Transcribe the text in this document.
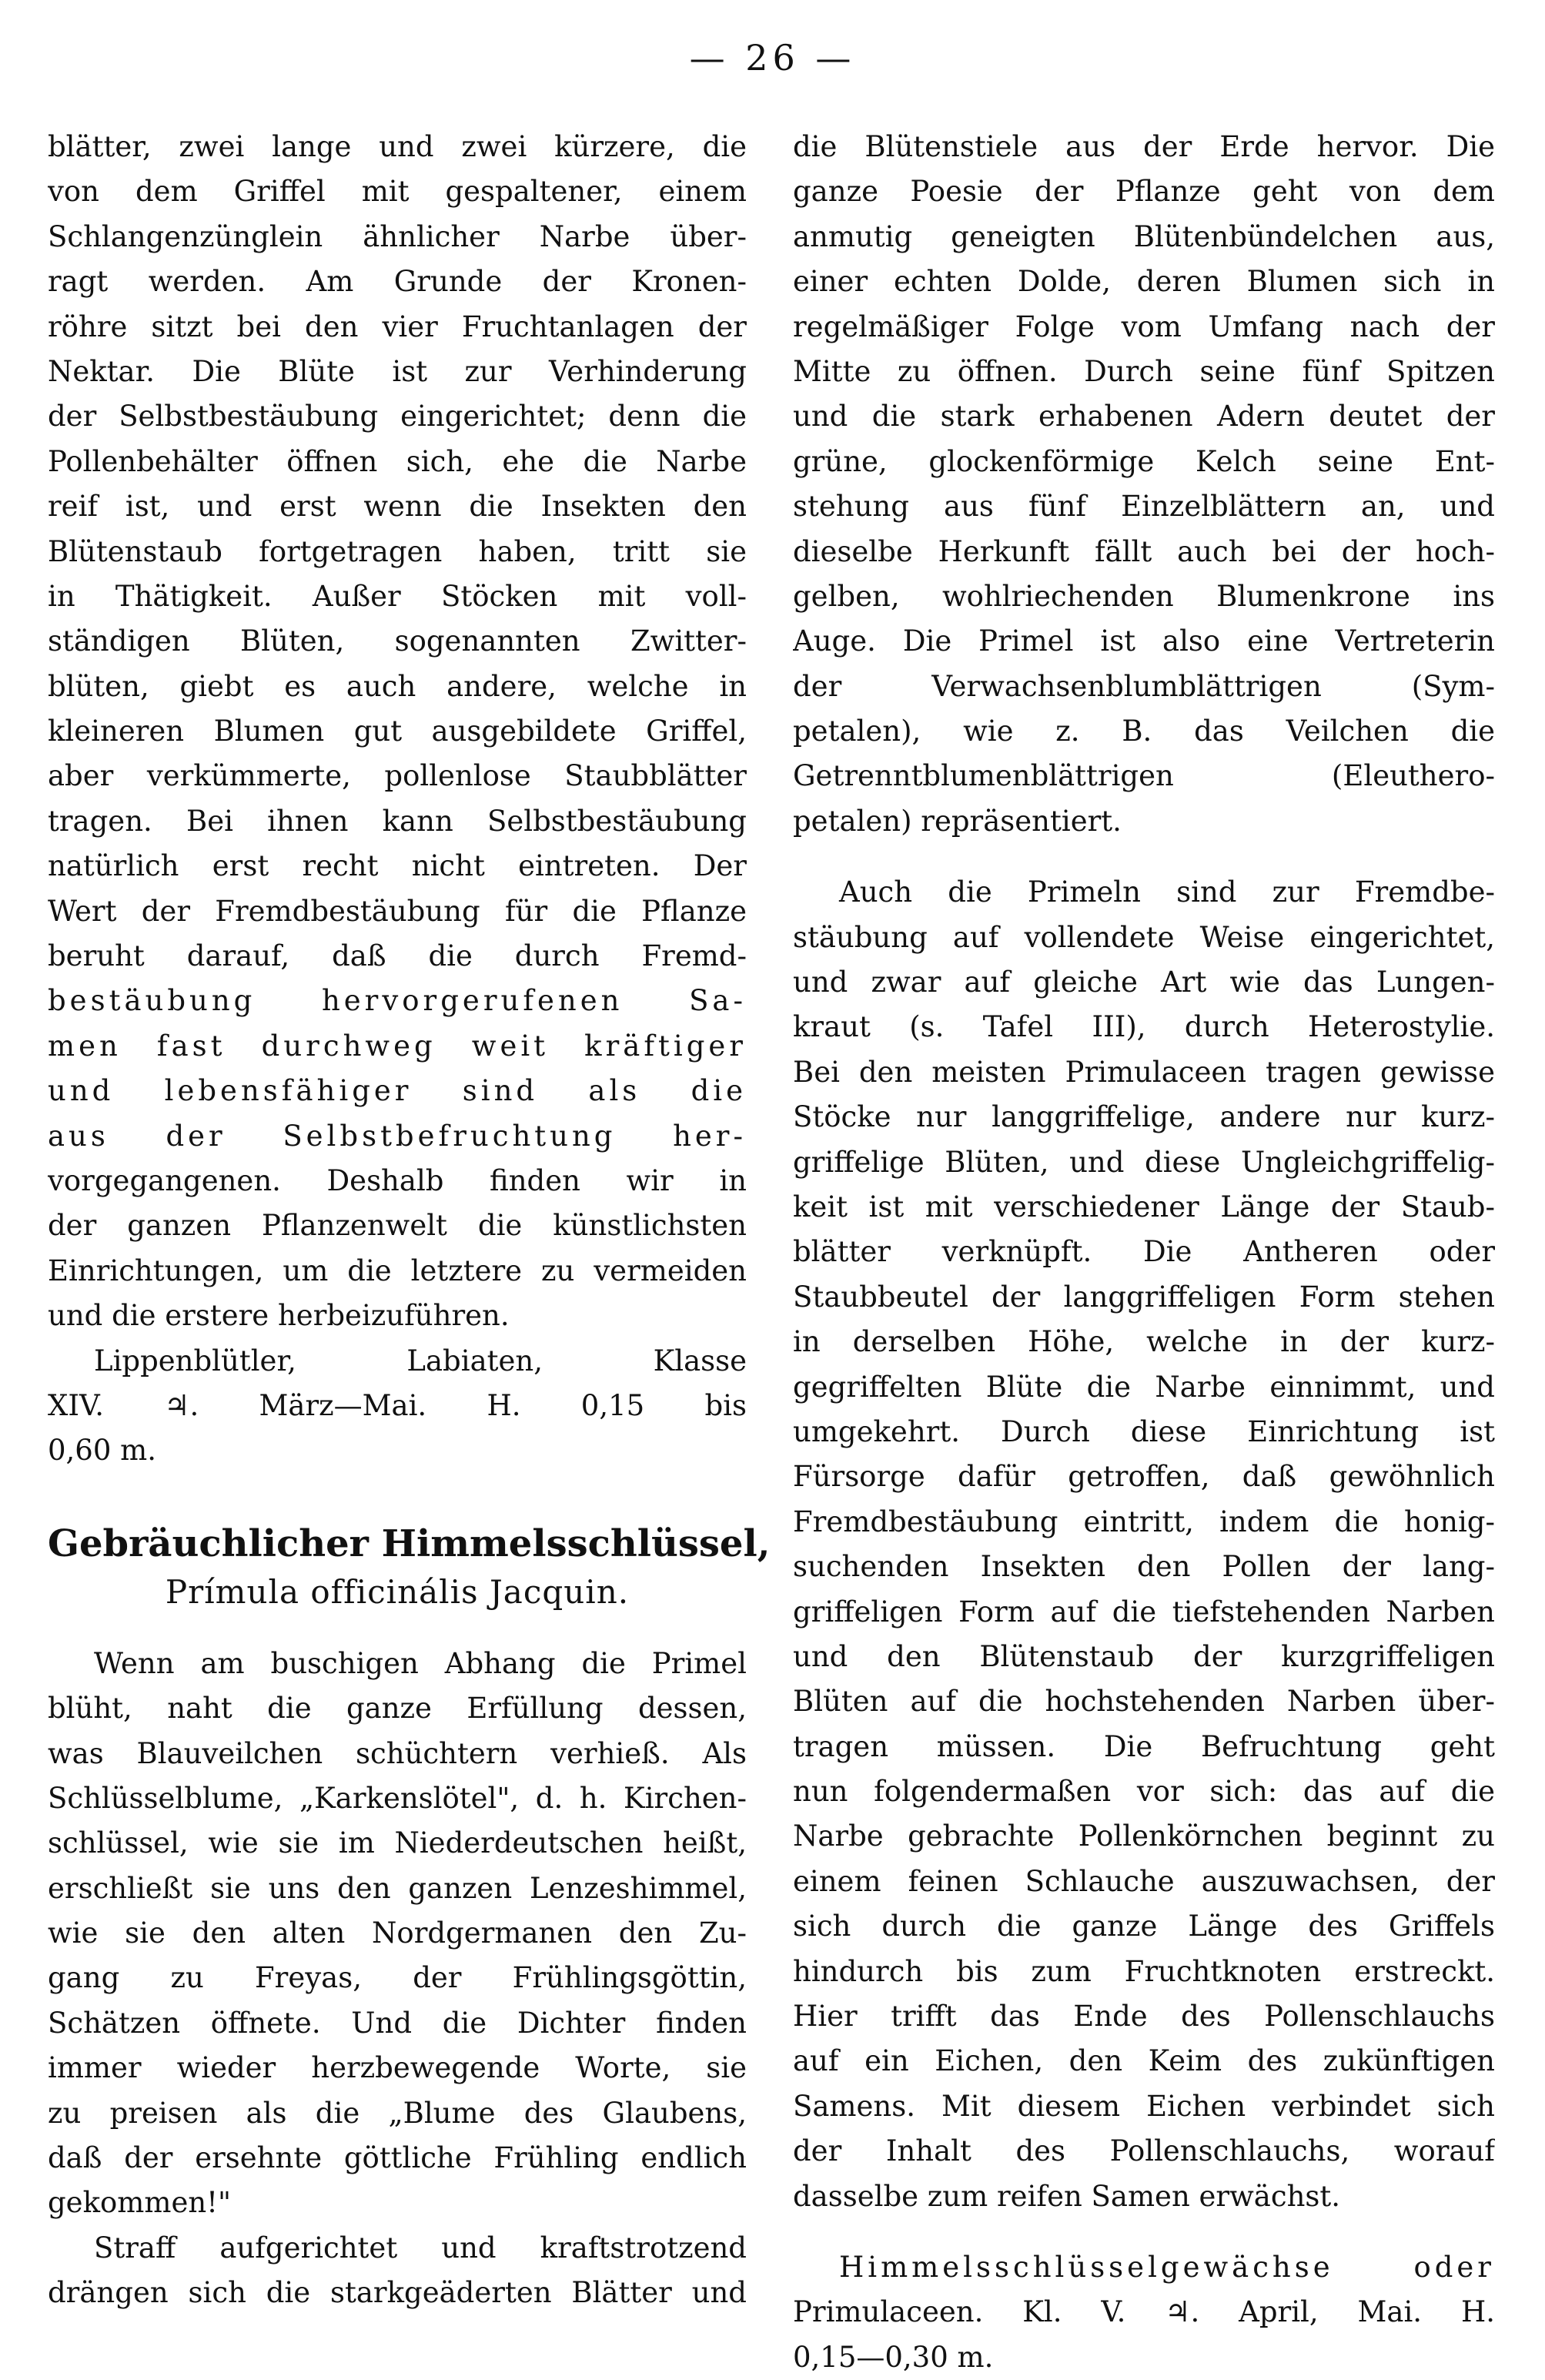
— 26 —
blätter, zwei lange und zwei kürzere, die
von dem Griffel mit gespaltener, einem
Schlangenzünglein ähnlicher Narbe über-
ragt werden. Am Grunde der Kronen-
röhre sitzt bei den vier Fruchtanlagen der
Nektar. Die Blüte ist zur Verhinderung
der Selbstbestäubung eingerichtet; denn die
Pollenbehälter öffnen sich, ehe die Narbe
reif ist, und erst wenn die Insekten den
Blütenstaub fortgetragen haben, tritt sie
in Thätigkeit. Außer Stöcken mit voll-
ständigen Blüten, sogenannten Zwitter-
blüten, giebt es auch andere, welche in
kleineren Blumen gut ausgebildete Griffel,
aber verkümmerte, pollenlose Staubblätter
tragen. Bei ihnen kann Selbstbestäubung
natürlich erst recht nicht eintreten. Der
Wert der Fremdbestäubung für die Pflanze
beruht darauf, daß die durch Fremd-
bestäubung hervorgerufenen Sa-
men fast durchweg weit kräftiger
und lebensfähiger sind als die
aus der Selbstbefruchtung her-
vorgegangenen. Deshalb finden wir in
der ganzen Pflanzenwelt die künstlichsten
Einrichtungen, um die letztere zu vermeiden
und die erstere herbeizuführen.
Lippenblütler, Labiaten, Klasse
XIV. ♃. März—Mai. H. 0,15 bis
0,60 m.
Gebräuchlicher Himmelsschlüssel,
Prímula officinális Jacquin.
Wenn am buschigen Abhang die Primel
blüht, naht die ganze Erfüllung dessen,
was Blauveilchen schüchtern verhieß. Als
Schlüsselblume, „Karkenslötel", d. h. Kirchen-
schlüssel, wie sie im Niederdeutschen heißt,
erschließt sie uns den ganzen Lenzeshimmel,
wie sie den alten Nordgermanen den Zu-
gang zu Freyas, der Frühlingsgöttin,
Schätzen öffnete. Und die Dichter finden
immer wieder herzbewegende Worte, sie
zu preisen als die „Blume des Glaubens,
daß der ersehnte göttliche Frühling endlich
gekommen!"
Straff aufgerichtet und kraftstrotzend
drängen sich die starkgeäderten Blätter und
die Blütenstiele aus der Erde hervor. Die
ganze Poesie der Pflanze geht von dem
anmutig geneigten Blütenbündelchen aus,
einer echten Dolde, deren Blumen sich in
regelmäßiger Folge vom Umfang nach der
Mitte zu öffnen. Durch seine fünf Spitzen
und die stark erhabenen Adern deutet der
grüne, glockenförmige Kelch seine Ent-
stehung aus fünf Einzelblättern an, und
dieselbe Herkunft fällt auch bei der hoch-
gelben, wohlriechenden Blumenkrone ins
Auge. Die Primel ist also eine Vertreterin
der Verwachsenblumblättrigen (Sym-
petalen), wie z. B. das Veilchen die
Getrenntblumenblättrigen (Eleuthero-
petalen) repräsentiert.
Auch die Primeln sind zur Fremdbe-
stäubung auf vollendete Weise eingerichtet,
und zwar auf gleiche Art wie das Lungen-
kraut (s. Tafel III), durch Heterostylie.
Bei den meisten Primulaceen tragen gewisse
Stöcke nur langgriffelige, andere nur kurz-
griffelige Blüten, und diese Ungleichgriffelig-
keit ist mit verschiedener Länge der Staub-
blätter verknüpft. Die Antheren oder
Staubbeutel der langgriffeligen Form stehen
in derselben Höhe, welche in der kurz-
gegriffelten Blüte die Narbe einnimmt, und
umgekehrt. Durch diese Einrichtung ist
Fürsorge dafür getroffen, daß gewöhnlich
Fremdbestäubung eintritt, indem die honig-
suchenden Insekten den Pollen der lang-
griffeligen Form auf die tiefstehenden Narben
und den Blütenstaub der kurzgriffeligen
Blüten auf die hochstehenden Narben über-
tragen müssen. Die Befruchtung geht
nun folgendermaßen vor sich: das auf die
Narbe gebrachte Pollenkörnchen beginnt zu
einem feinen Schlauche auszuwachsen, der
sich durch die ganze Länge des Griffels
hindurch bis zum Fruchtknoten erstreckt.
Hier trifft das Ende des Pollenschlauchs
auf ein Eichen, den Keim des zukünftigen
Samens. Mit diesem Eichen verbindet sich
der Inhalt des Pollenschlauchs, worauf
dasselbe zum reifen Samen erwächst.
Himmelsschlüsselgewächse oder
Primulaceen. Kl. V. ♃. April, Mai. H.
0,15—0,30 m.
